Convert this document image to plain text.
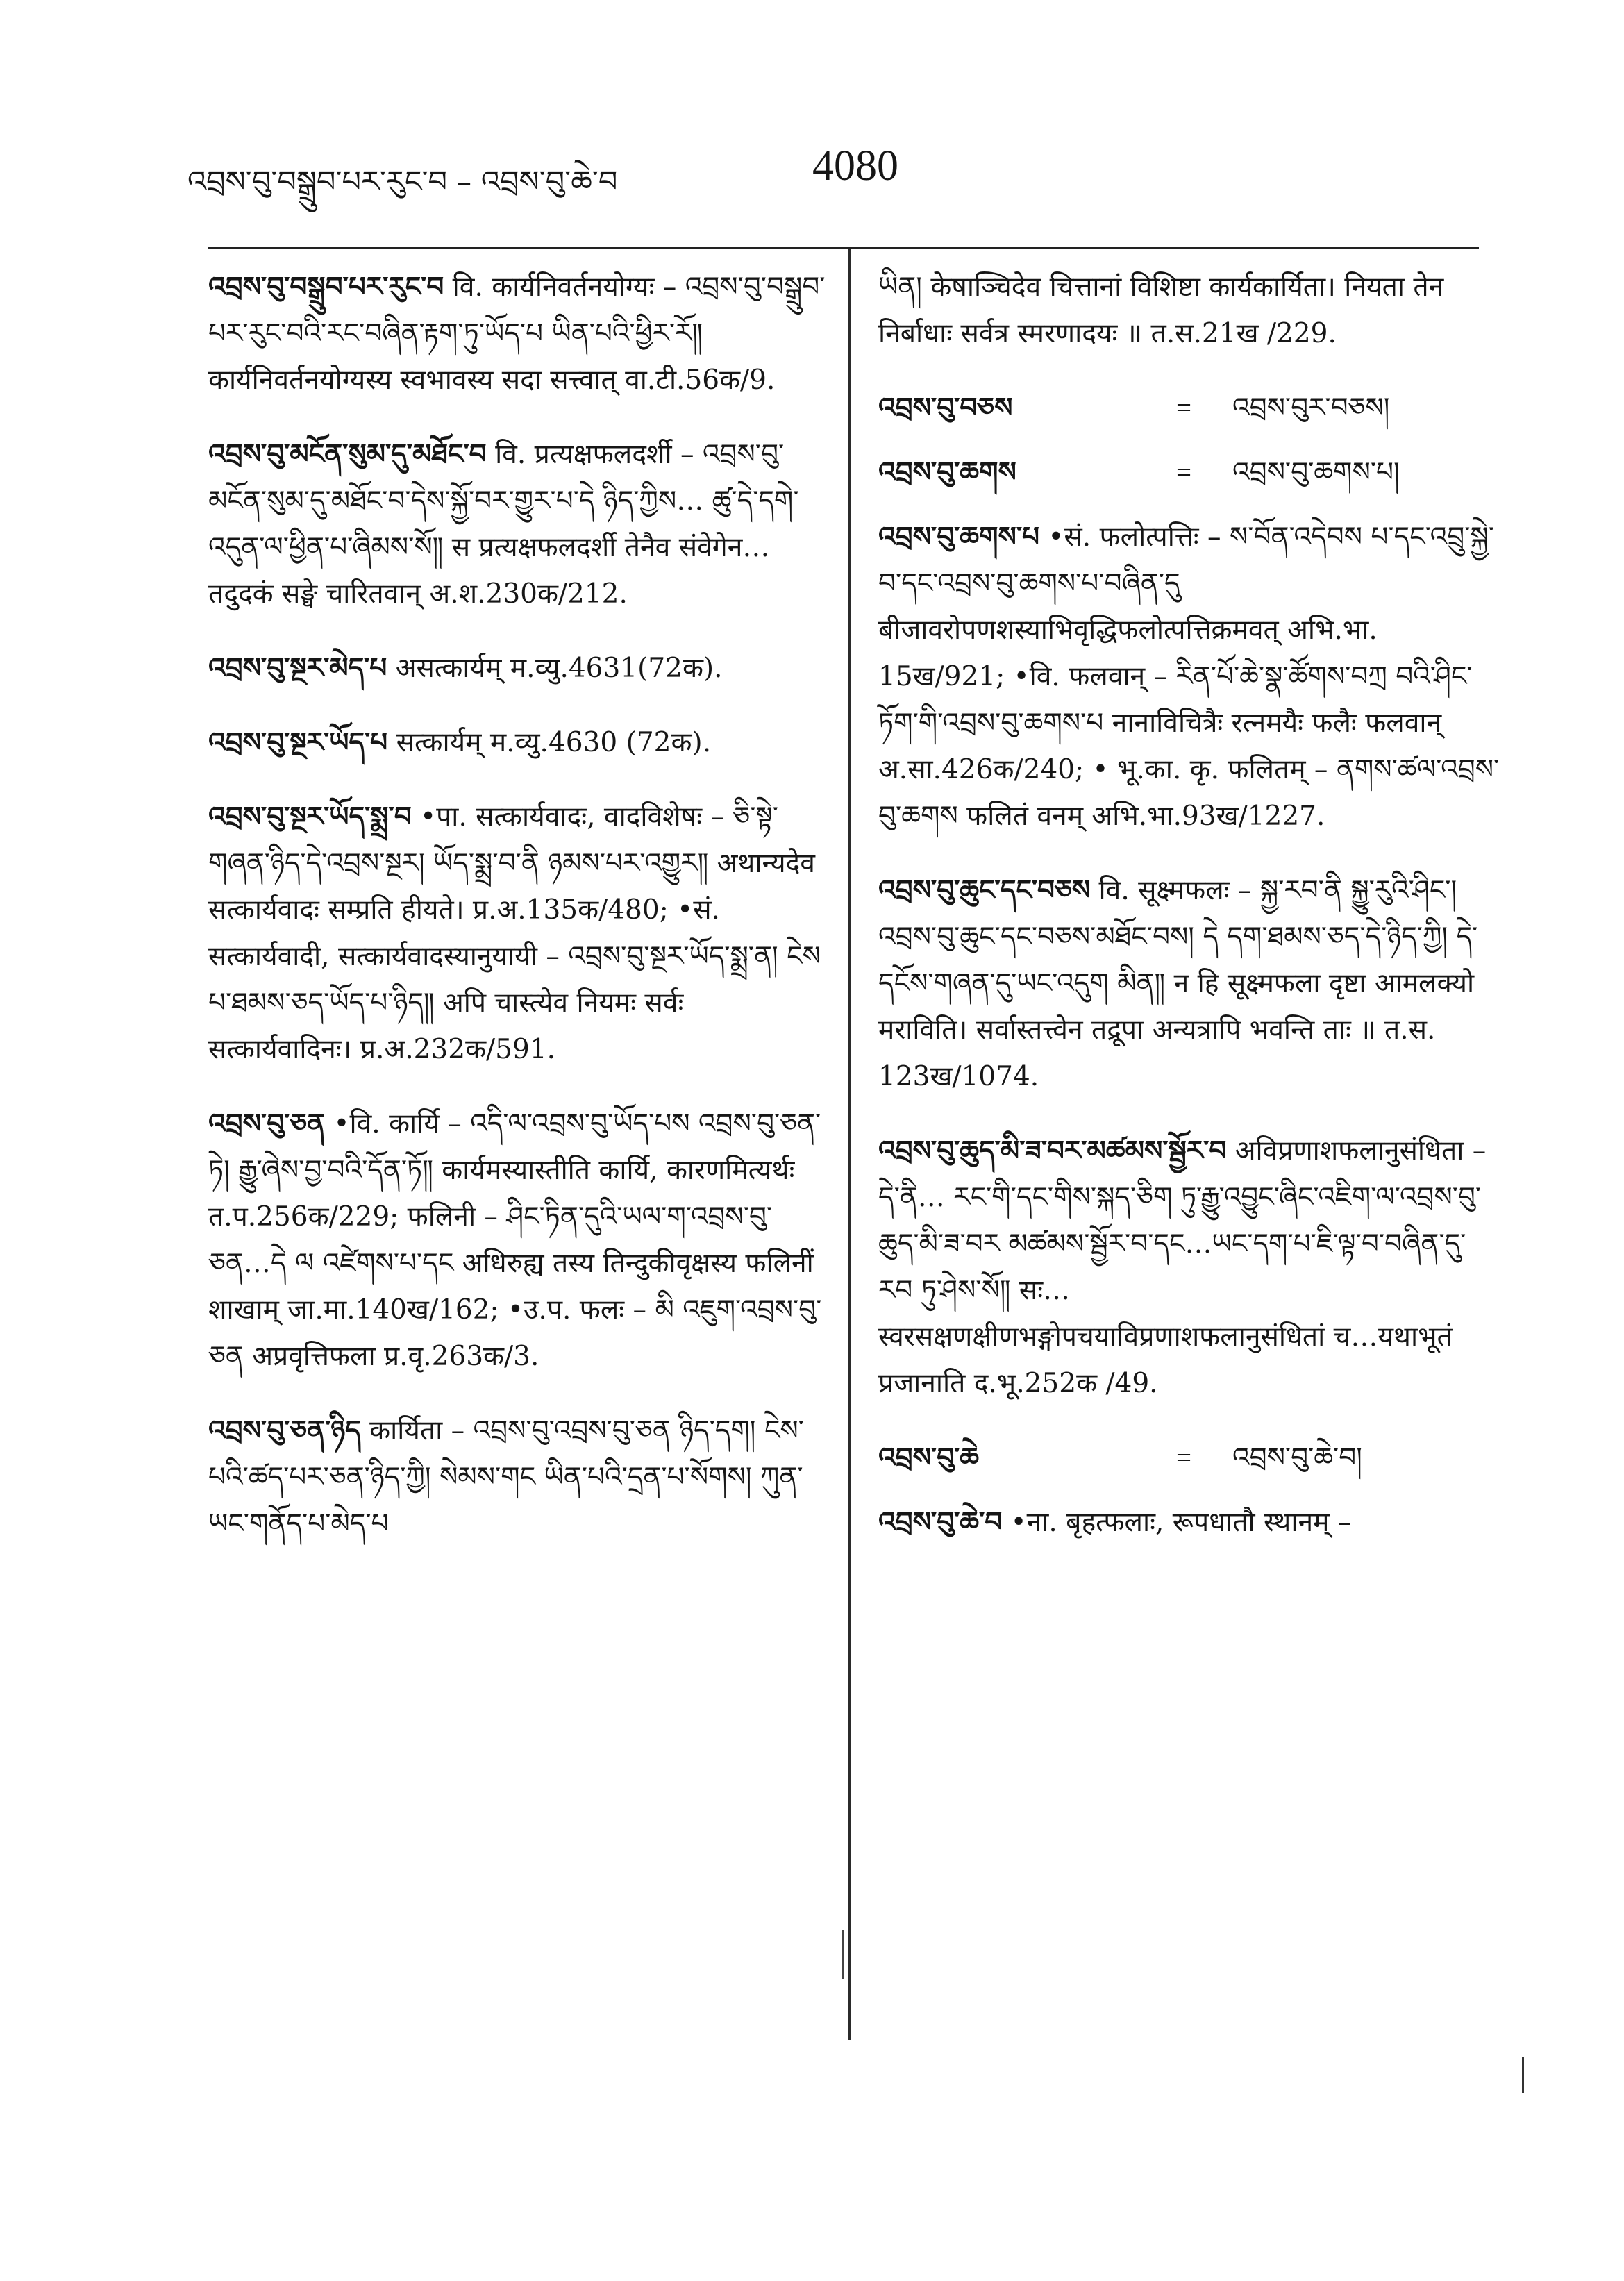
འབྲས་བུ་བསྒྲུབ་པར་རུང་བ – འབྲས་བུ་ཆེ་བ	4080

འབྲས་བུ་བསྒྲུབ་པར་རུང་བ वि. कार्यनिवर्तनयोग्यः – འབྲས་བུ་བསྒྲུབ་པར་རུང་བའི་རང་བཞིན་རྟག་ཏུ་ཡོད་པ ཡིན་པའི་ཕྱིར་རོ༎ कार्यनिवर्तनयोग्यस्य स्वभावस्य सदा सत्त्वात् वा.टी.56क/9.

འབྲས་བུ་མངོན་སུམ་དུ་མཐོང་བ वि. प्रत्यक्षफलदर्शी – འབྲས་བུ་མངོན་སུམ་དུ་མཐོང་བ་དེས་སྐྱོ་བར་གྱུར་པ་དེ ཉིད་ཀྱིས… ཚུ་དེ་དགེ་འདུན་ལ་ཕྱིན་པ་ཞིམས་སོ༎ स प्रत्यक्षफलदर्शी तेनैव संवेगेन… तदुदकं सङ्घे चारितवान् अ.श.230क/212.

འབྲས་བུ་སྔར་མེད་པ असत्कार्यम् म.व्यु.4631(72क).

འབྲས་བུ་སྔར་ཡོད་པ सत्कार्यम् म.व्यु.4630 (72क).

འབྲས་བུ་སྔར་ཡོད་སྨྲ་བ •पा. सत्कार्यवादः, वादविशेषः – ཅི་སྟེ་གཞན་ཉིད་དེ་འབྲས་སྔར། ཡོད་སྨྲ་བ་ནི ཉམས་པར་འགྱུར༎ अथान्यदेव सत्कार्यवादः सम्प्रति हीयते। प्र.अ.135क/480; •सं. सत्कार्यवादी, सत्कार्यवादस्यानुयायी – འབྲས་བུ་སྔར་ཡོད་སྨྲ་ན། ངེས པ་ཐམས་ཅད་ཡོད་པ་ཉིད༎ अपि चास्त्येव नियमः सर्वः सत्कार्यवादिनः। प्र.अ.232क/591.

འབྲས་བུ་ཅན •वि. कार्यि – འདི་ལ་འབྲས་བུ་ཡོད་པས འབྲས་བུ་ཅན་ཏེ། རྒྱུ་ཞེས་བྱ་བའི་དོན་ཏོ༎ कार्यमस्यास्तीति कार्यि, कारणमित्यर्थः त.प.256क/229; फलिनी – ཤིང་ཏིན་དུའི་ཡལ་ག་འབྲས་བུ་ཅན…དེ ལ འཛེགས་པ་དང अधिरुह्य तस्य तिन्दुकीवृक्षस्य फलिनीं शाखाम् जा.मा.140ख/162; •उ.प. फलः – མི འཇུག་འབྲས་བུ་ཅན अप्रवृत्तिफला प्र.वृ.263क/3.

འབྲས་བུ་ཅན་ཉིད कार्यिता – འབྲས་བུ་འབྲས་བུ་ཅན ཉིད་དག། ངེས་པའི་ཚད་པར་ཅན་ཉིད་ཀྱི། སེམས་གང ཡིན་པའི་དྲན་པ་སོགས། ཀུན་ཡང་གནོད་པ་མེད་པ

ཡིན། केषाञ्चिदेव चित्तानां विशिष्टा कार्यकार्यिता। नियता तेन निर्बाधाः सर्वत्र स्मरणादयः ॥ त.स.21ख /229.

འབྲས་བུ་བཅས	=	འབྲས་བུར་བཅས།
འབྲས་བུ་ཆགས	=	འབྲས་བུ་ཆགས་པ།

འབྲས་བུ་ཆགས་པ •सं. फलोत्पत्तिः – ས་བོན་འདེབས པ་དང་འབྲུ་སྐྱེ་བ་དང་འབྲས་བུ་ཆགས་པ་བཞིན་དུ बीजावरोपणशस्याभिवृद्धिफलोत्पत्तिक्रमवत् अभि.भा. 15ख/921; •वि. फलवान् – རིན་པོ་ཆེ་སྣ་ཚོགས་བཀྲ བའི་ཤིང་ཏོག་གི་འབྲས་བུ་ཆགས་པ नानाविचित्रैः रत्नमयैः फलैः फलवान् अ.सा.426क/240; • भू.का. कृ. फलितम् – ནགས་ཚལ་འབྲས་བུ་ཆགས फलितं वनम् अभि.भा.93ख/1227.

འབྲས་བུ་ཆུང་དང་བཅས वि. सूक्ष्मफलः – སྐྱ་རབ་ནི སྐྱུ་རུའི་ཤིང་། འབྲས་བུ་ཆུང་དང་བཅས་མཐོང་བས། དེ དག་ཐམས་ཅད་དེ་ཉིད་ཀྱི། དེ་དངོས་གཞན་དུ་ཡང་འདུག མིན༎ न हि सूक्ष्मफला दृष्टा आमलक्यो मराविति। सर्वास्तत्त्वेन तद्रूपा अन्यत्रापि भवन्ति ताः ॥ त.स. 123ख/1074.

འབྲས་བུ་ཆུད་མི་ཟ་བར་མཚམས་སྦྱོར་བ अविप्रणाशफलानुसंधिता – དེ་ནི… རང་གི་དང་གིས་སྐད་ཅིག ཏུ་རྒྱུ་འབྱུང་ཞིང་འཇིག་ལ་འབྲས་བུ་ཆུད་མི་ཟ་བར མཚམས་སྦྱོར་བ་དང…ཡང་དག་པ་ཇི་ལྟ་བ་བཞིན་དུ་རབ ཏུ་ཤེས་སོ༎ सः…स्वरसक्षणक्षीणभङ्गोपचयाविप्रणाशफलानुसंधितां च…यथाभूतं प्रजानाति द.भू.252क /49.

འབྲས་བུ་ཆེ	=	འབྲས་བུ་ཆེ་བ།

འབྲས་བུ་ཆེ་བ •ना. बृहत्फलाः, रूपधातौ स्थानम् –
